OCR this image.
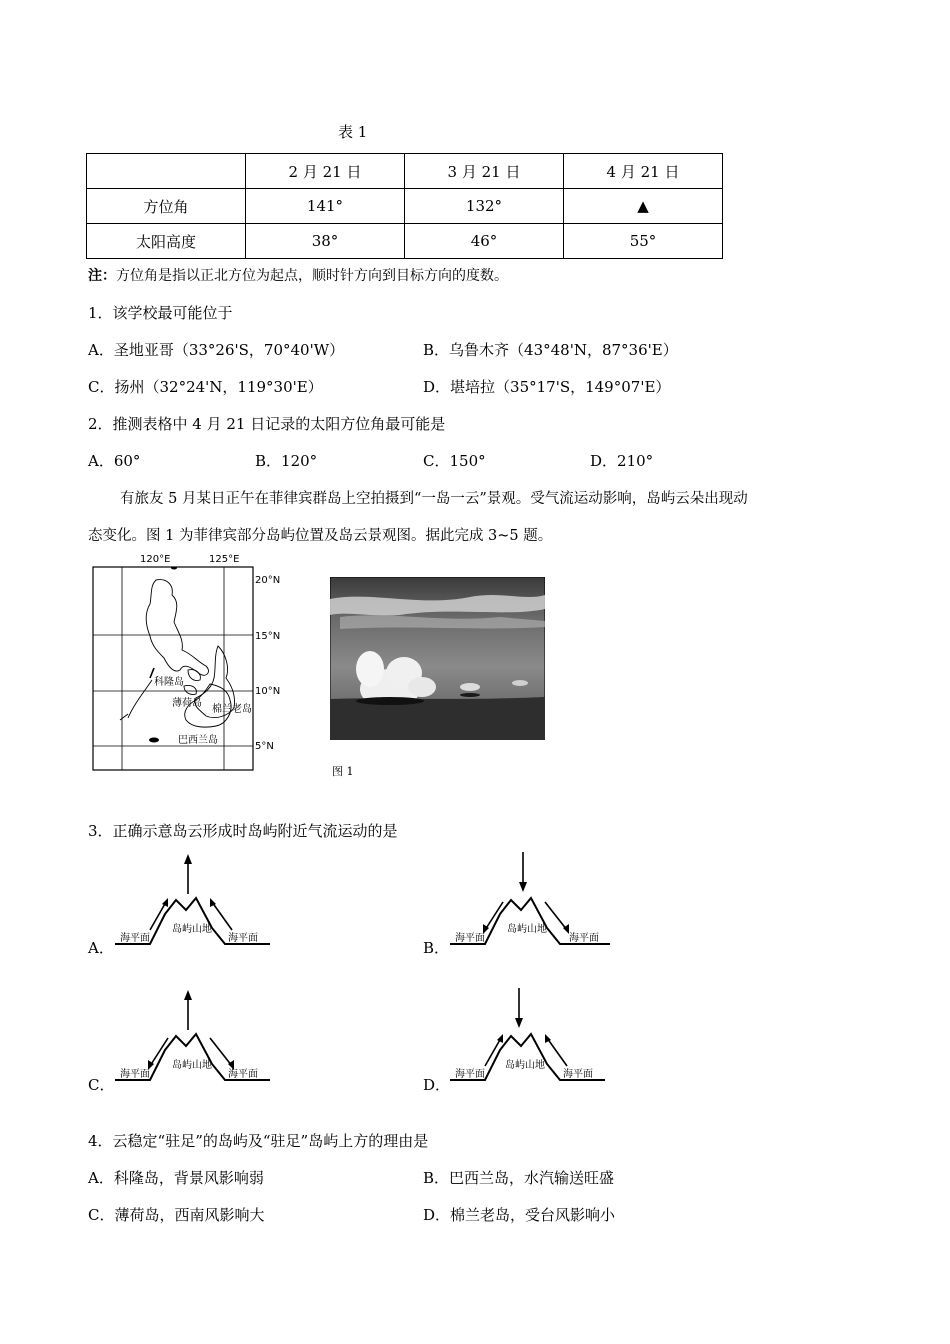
表 1
	2 月 21 日	3 月 21 日	4 月 21 日
方位角	141°	132°	▲
太阳高度	38°	46°	55°
注：方位角是指以正北方位为起点，顺时针方向到目标方向的度数。
1．该学校最可能位于
A．圣地亚哥（33°26'S，70°40'W）	B．乌鲁木齐（43°48'N，87°36'E）
C．扬州（32°24'N，119°30'E）	D．堪培拉（35°17'S，149°07'E）
2．推测表格中 4 月 21 日记录的太阳方位角最可能是
A．60°	B．120°	C．150°	D．210°
有旅友 5 月某日正午在菲律宾群岛上空拍摄到“一岛一云”景观。受气流运动影响，岛屿云朵出现动
态变化。图 1 为菲律宾部分岛屿位置及岛云景观图。据此完成 3~5 题。
120°E	125°E
20°N
15°N
10°N
5°N
科隆岛
薄荷岛
棉兰老岛
巴西兰岛
图 1
3．正确示意岛云形成时岛屿附近气流运动的是
A．
海平面
岛屿山地
海平面
B．
海平面
岛屿山地
海平面
C．
海平面
岛屿山地
海平面
D．
海平面
岛屿山地
海平面
4．云稳定“驻足”的岛屿及“驻足”岛屿上方的理由是
A．科隆岛，背景风影响弱	B．巴西兰岛，水汽输送旺盛
C．薄荷岛，西南风影响大	D．棉兰老岛，受台风影响小
